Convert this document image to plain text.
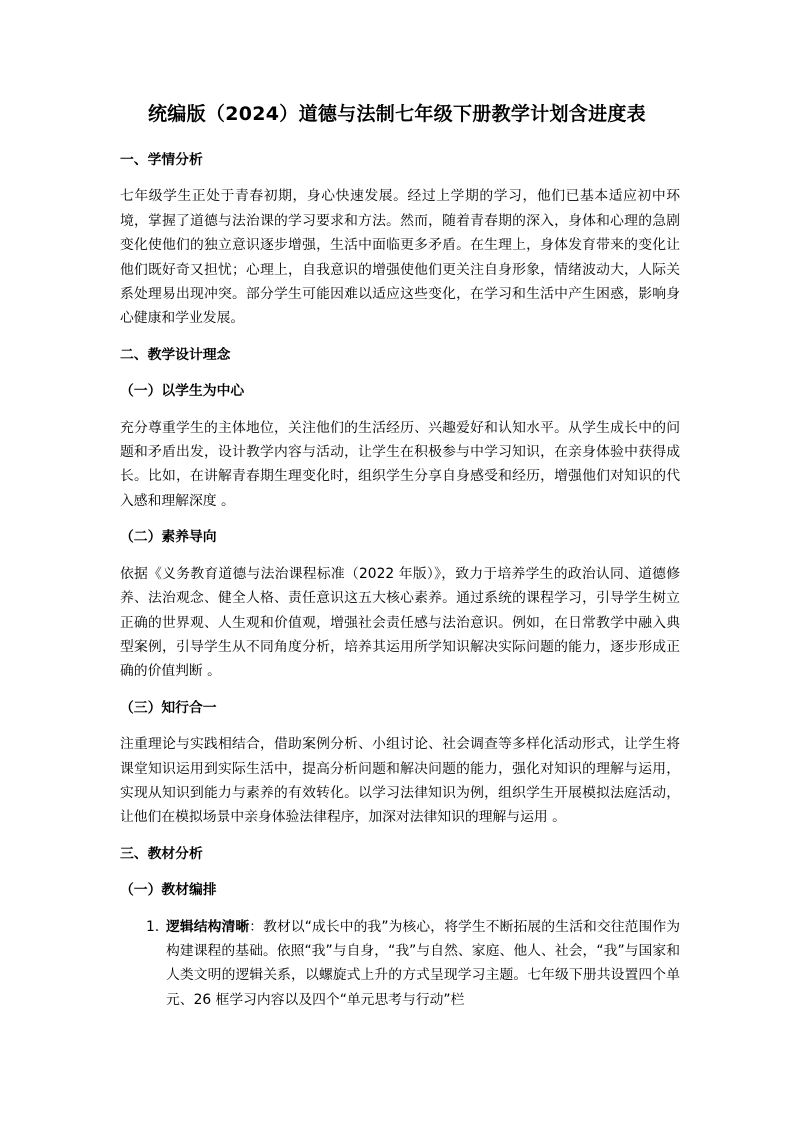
统编版（2024）道德与法制七年级下册教学计划含进度表
一、学情分析

七年级学生正处于青春初期，身心快速发展。经过上学期的学习，他们已基本适应初中环境，掌握了道德与法治课的学习要求和方法。然而，随着青春期的深入，身体和心理的急剧变化使他们的独立意识逐步增强，生活中面临更多矛盾。在生理上，身体发育带来的变化让他们既好奇又担忧；心理上，自我意识的增强使他们更关注自身形象，情绪波动大，人际关系处理易出现冲突。部分学生可能因难以适应这些变化，在学习和生活中产生困惑，影响身心健康和学业发展。

二、教学设计理念
（一）以学生为中心

充分尊重学生的主体地位，关注他们的生活经历、兴趣爱好和认知水平。从学生成长中的问题和矛盾出发，设计教学内容与活动，让学生在积极参与中学习知识，在亲身体验中获得成长。比如，在讲解青春期生理变化时，组织学生分享自身感受和经历，增强他们对知识的代入感和理解深度 。

（二）素养导向

依据《义务教育道德与法治课程标准（2022 年版）》，致力于培养学生的政治认同、道德修养、法治观念、健全人格、责任意识这五大核心素养。通过系统的课程学习，引导学生树立正确的世界观、人生观和价值观，增强社会责任感与法治意识。例如，在日常教学中融入典型案例，引导学生从不同角度分析，培养其运用所学知识解决实际问题的能力，逐步形成正确的价值判断 。

（三）知行合一

注重理论与实践相结合，借助案例分析、小组讨论、社会调查等多样化活动形式，让学生将课堂知识运用到实际生活中，提高分析问题和解决问题的能力，强化对知识的理解与运用，实现从知识到能力与素养的有效转化。以学习法律知识为例，组织学生开展模拟法庭活动，让他们在模拟场景中亲身体验法律程序，加深对法律知识的理解与运用 。

三、教材分析
（一）教材编排
1. 逻辑结构清晰：教材以“成长中的我”为核心，将学生不断拓展的生活和交往范围作为构建课程的基础。依照“我”与自身，“我”与自然、家庭、他人、社会，“我”与国家和人类文明的逻辑关系，以螺旋式上升的方式呈现学习主题。七年级下册共设置四个单元、26 框学习内容以及四个“单元思考与行动”栏
